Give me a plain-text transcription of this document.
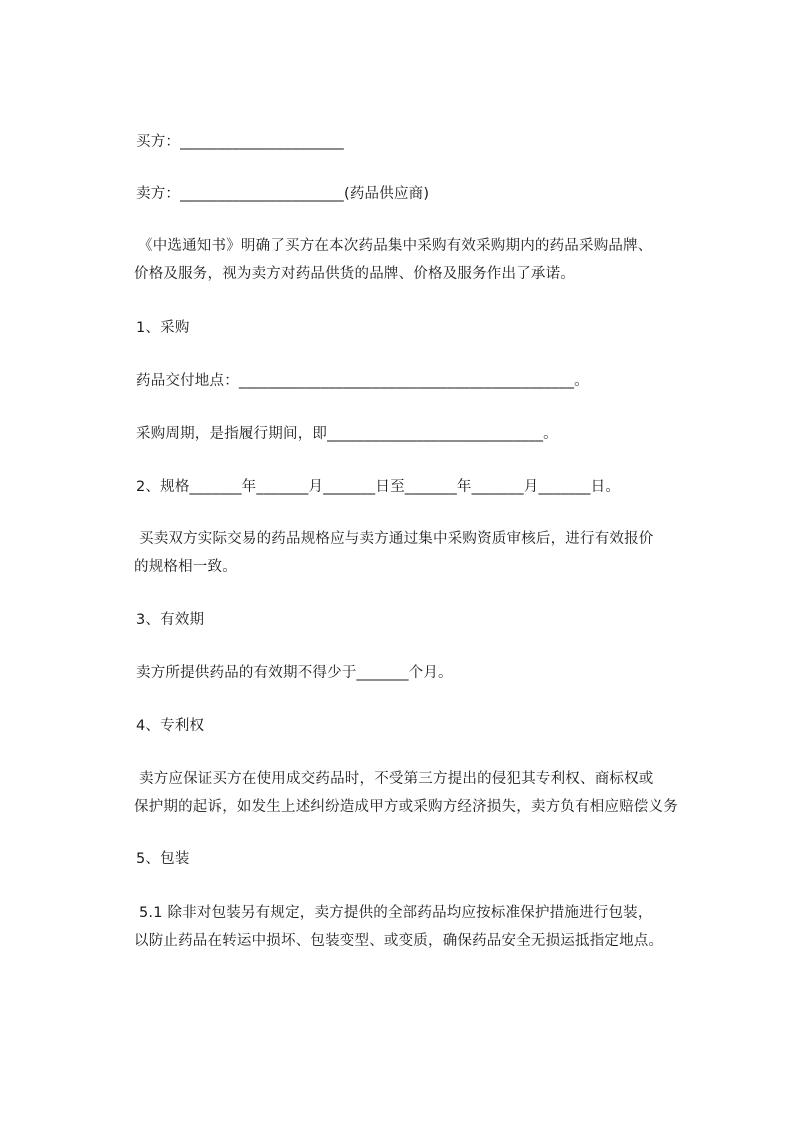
买方：______________________
卖方：______________________(药品供应商)
《中选通知书》明确了买方在本次药品集中采购有效采购期内的药品采购品牌、
价格及服务，视为卖方对药品供货的品牌、价格及服务作出了承诺。
1、采购
药品交付地点：_____________________________________________。
采购周期，是指履行期间，即_____________________________。
2、规格_______年_______月_______日至_______年_______月_______日。
买卖双方实际交易的药品规格应与卖方通过集中采购资质审核后，进行有效报价
的规格相一致。
3、有效期
卖方所提供药品的有效期不得少于_______个月。
4、专利权
卖方应保证买方在使用成交药品时，不受第三方提出的侵犯其专利权、商标权或
保护期的起诉，如发生上述纠纷造成甲方或采购方经济损失，卖方负有相应赔偿义务
5、包装
5.1 除非对包装另有规定，卖方提供的全部药品均应按标准保护措施进行包装，
以防止药品在转运中损坏、包装变型、或变质，确保药品安全无损运抵指定地点。
